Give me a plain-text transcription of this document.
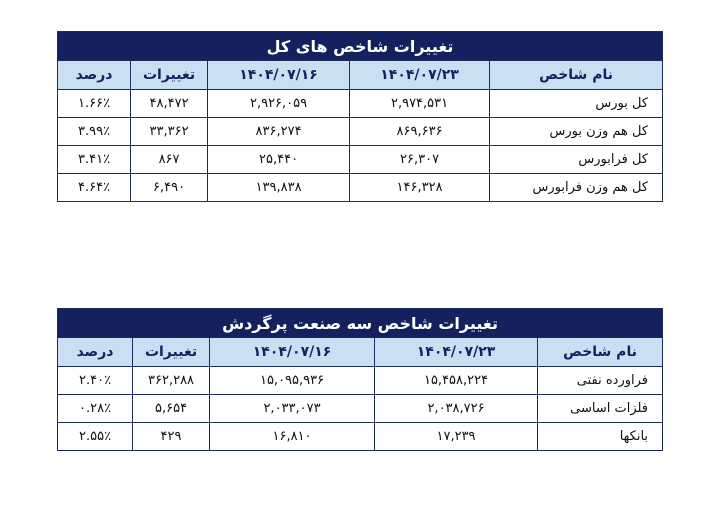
تغییرات شاخص های کل				
نام شاخص	۱۴۰۴/۰۷/۲۳	۱۴۰۴/۰۷/۱۶	تغییرات	درصد
کل بورس	۲,۹۷۴,۵۳۱	۲,۹۲۶,۰۵۹	۴۸,۴۷۲	۱.۶۶٪
کل هم وزن بورس	۸۶۹,۶۳۶	۸۳۶,۲۷۴	۳۳,۳۶۲	۳.۹۹٪
کل فرابورس	۲۶,۳۰۷	۲۵,۴۴۰	۸۶۷	۳.۴۱٪
کل هم وزن فرابورس	۱۴۶,۳۲۸	۱۳۹,۸۳۸	۶,۴۹۰	۴.۶۴٪
تغییرات شاخص سه صنعت پرگردش				
نام شاخص	۱۴۰۴/۰۷/۲۳	۱۴۰۴/۰۷/۱۶	تغییرات	درصد
فراورده نفتی	۱۵,۴۵۸,۲۲۴	۱۵,۰۹۵,۹۳۶	۳۶۲,۲۸۸	۲.۴۰٪
فلزات اساسی	۲,۰۳۸,۷۲۶	۲,۰۳۳,۰۷۳	۵,۶۵۴	۰.۲۸٪
بانکها	۱۷,۲۳۹	۱۶,۸۱۰	۴۲۹	۲.۵۵٪
